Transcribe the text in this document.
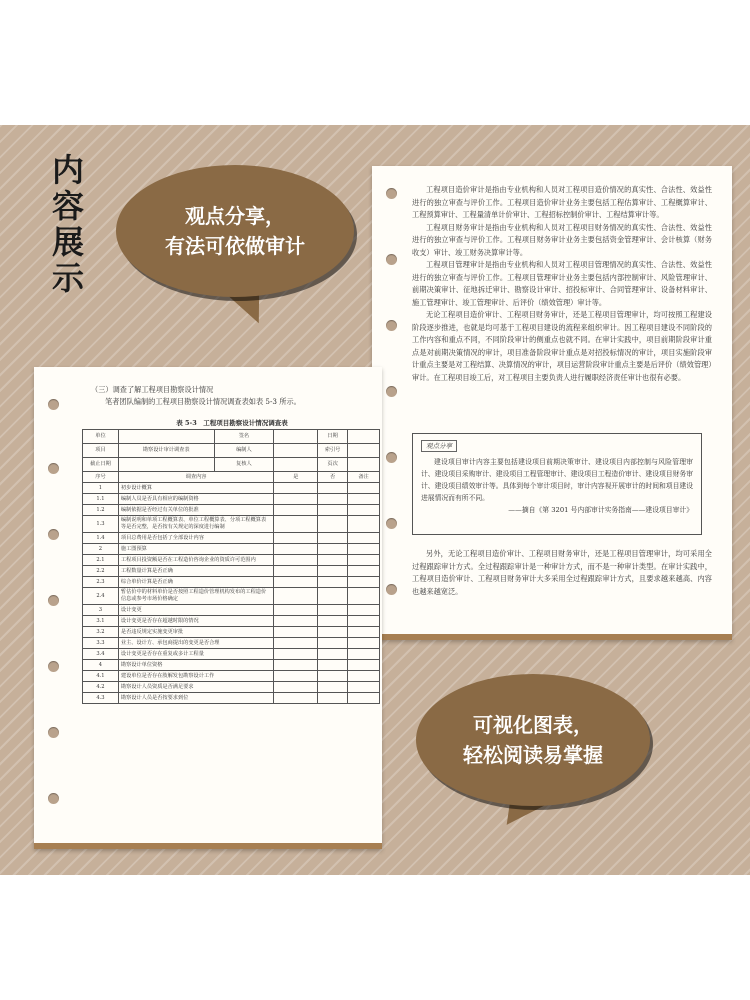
内
容
展
示

工程项目造价审计是指由专业机构和人员对工程项目造价情况的真实性、合法性、效益性进行的独立审查与评价工作。工程项目造价审计业务主要包括工程估算审计、工程概算审计、工程预算审计、工程量清单计价审计、工程招标控制价审计、工程结算审计等。

工程项目财务审计是指由专业机构和人员对工程项目财务情况的真实性、合法性、效益性进行的独立审查与评价工作。工程项目财务审计业务主要包括资金管理审计、会计核算（财务收支）审计、竣工财务决算审计等。

工程项目管理审计是指由专业机构和人员对工程项目管理情况的真实性、合法性、效益性进行的独立审查与评价工作。工程项目管理审计业务主要包括内部控制审计、风险管理审计、前期决策审计、征地拆迁审计、勘察设计审计、招投标审计、合同管理审计、设备材料审计、施工管理审计、竣工管理审计、后评价（绩效管理）审计等。

无论工程项目造价审计、工程项目财务审计，还是工程项目管理审计，均可按照工程建设阶段逐步推进，也就是均可基于工程项目建设的流程来组织审计。因工程项目建设不同阶段的工作内容和重点不同，不同阶段审计的侧重点也就不同。在审计实践中，项目前期阶段审计重点是对前期决策情况的审计，项目准备阶段审计重点是对招投标情况的审计，项目实施阶段审计重点主要是对工程结算、决算情况的审计，项目运营阶段审计重点主要是后评价（绩效管理）审计。在工程项目竣工后，对工程项目主要负责人进行履职经济责任审计也很有必要。

观点分享

建设项目审计内容主要包括建设项目前期决策审计、建设项目内部控制与风险管理审计、建设项目采购审计、建设项目工程管理审计、建设项目工程造价审计、建设项目财务审计、建设项目绩效审计等。具体到每个审计项目时，审计内容视开展审计的时间和项目建设进展情况而有所不同。

——摘自《第 3201 号内部审计实务指南——建设项目审计》

另外，无论工程项目造价审计、工程项目财务审计，还是工程项目管理审计，均可采用全过程跟踪审计方式。全过程跟踪审计是一种审计方式，而不是一种审计类型。在审计实践中，工程项目造价审计、工程项目财务审计大多采用全过程跟踪审计方式，且要求越来越高、内容也越来越宽泛。

（三）调查了解工程项目勘察设计情况

笔者团队编制的工程项目勘察设计情况调查表如表 5-3 所示。

表 5-3　工程项目勘察设计情况调查表
单位		签名		日期	
项目	勘察设计审计调查表	编制人		索引号	
截止日期		复核人		页次	
序号	调查内容		是	否	备注
1	初步设计概算				
1.1	编制人员是否具有相应的编制资格				
1.2	编制依据是否经过有关单位的批准				
1.3	编制说明和单项工程概算表、单位工程概算表、分项工程概算表等是否完整，是否按有关规定的深度进行编制				
1.4	项目总费用是否包括了全部设计内容				
2	施工图预算				
2.1	工程项目投资额是否在工程造价咨询企业的资质许可范围内				
2.2	工程数量计算是否正确				
2.3	综合单价计算是否正确				
2.4	暂估价中的材料单价是否按照工程造价管理机构发布的工程造价信息或参考市场价格确定				
3	设计变更				
3.1	设计变更是否存在超越时限的情况				
3.2	是否违反规定实施变更审批				
3.3	业主、设计方、承包商提出的变更是否合理				
3.4	设计变更是否存在重复或多计工程量				
4	勘察设计单位资格				
4.1	建设单位是否存在肢解发包勘察设计工作				
4.2	勘察设计人员资质是否满足要求				
4.3	勘察设计人员是否按要求到位				
观点分享，
有法可依做审计
可视化图表，
轻松阅读易掌握
